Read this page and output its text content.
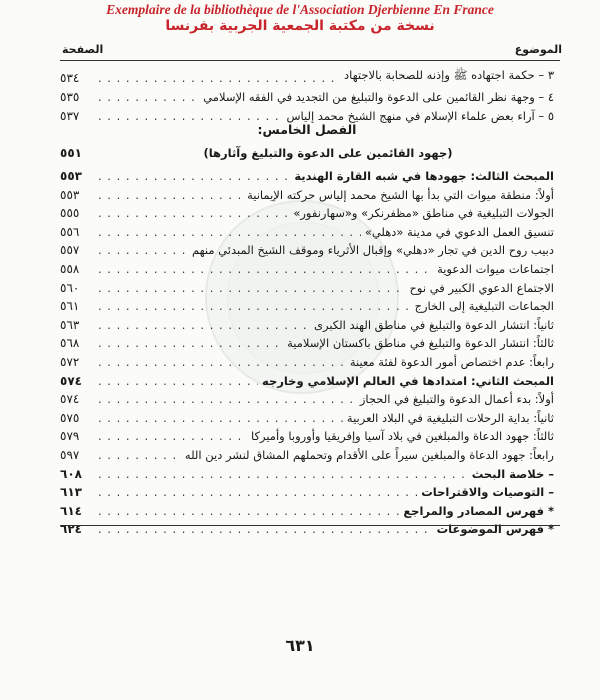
Exemplaire de la bibliothèque de l'Association Djerbienne En France
نسخة من مكتبة الجمعية الجربية بفرنسا
الموضوع
الصفحة
٣ – حكمة اجتهاده ﷺ وإذنه للصحابة بالاجتهاد
. . .
٥٣٤
٤ – وجهة نظر القائمين على الدعوة والتبليغ من التجديد في الفقه الإسلامي
. . .
٥٣٥
٥ – آراء بعض علماء الإسلام في منهج الشيخ محمد إلياس
. . .
٥٣٧
الفصل الخامس:
(جهود القائمين على الدعوة والتبليغ وآثارها)
٥٥١
المبحث الثالث: جهودها في شبه القارة الهندية
. . .
٥٥٣
أولاً: منطقة ميوات التي بدأ بها الشيخ محمد إلياس حركته الإيمانية
. . .
٥٥٣
الجولات التبليغية في مناطق «مظفرنكر» و«سهارنفور»
. . .
٥٥٥
تنسيق العمل الدعوي في مدينة «دهلي»
. . .
٥٥٦
دبيب روح الدين في تجار «دهلي» وإقبال الأثرياء وموقف الشيخ المبدئي منهم
. . .
٥٥٧
اجتماعات ميوات الدعوية
. . .
٥٥٨
الاجتماع الدعوي الكبير في نوح
. . .
٥٦٠
الجماعات التبليغية إلى الخارج
. . .
٥٦١
ثانياً: انتشار الدعوة والتبليغ في مناطق الهند الكبرى
. . .
٥٦٣
ثالثاً: انتشار الدعوة والتبليغ في مناطق باكستان الإسلامية
. . .
٥٦٨
رابعاً: عدم اختصاص أمور الدعوة لفئة معينة
. . .
٥٧٢
المبحث الثاني: امتدادها في العالم الإسلامي وخارجه
. . .
٥٧٤
أولاً: بدء أعمال الدعوة والتبليغ في الحجاز
. . .
٥٧٤
ثانياً: بداية الرحلات التبليغية في البلاد العربية
. . .
٥٧٥
ثالثاً: جهود الدعاة والمبلغين في بلاد آسيا وإفريقيا وأوروبا وأميركا
. . .
٥٧٩
رابعاً: جهود الدعاة والمبلغين سيراً على الأقدام وتحملهم المشاق لنشر دين الله
. . .
٥٩٧
– خلاصة البحث
. . .
٦٠٨
– التوصيات والاقتراحات
. . .
٦١٣
* فهرس المصادر والمراجع
. . .
٦١٤
* فهرس الموضوعات
. . .
٦٢٤
٦٣١
